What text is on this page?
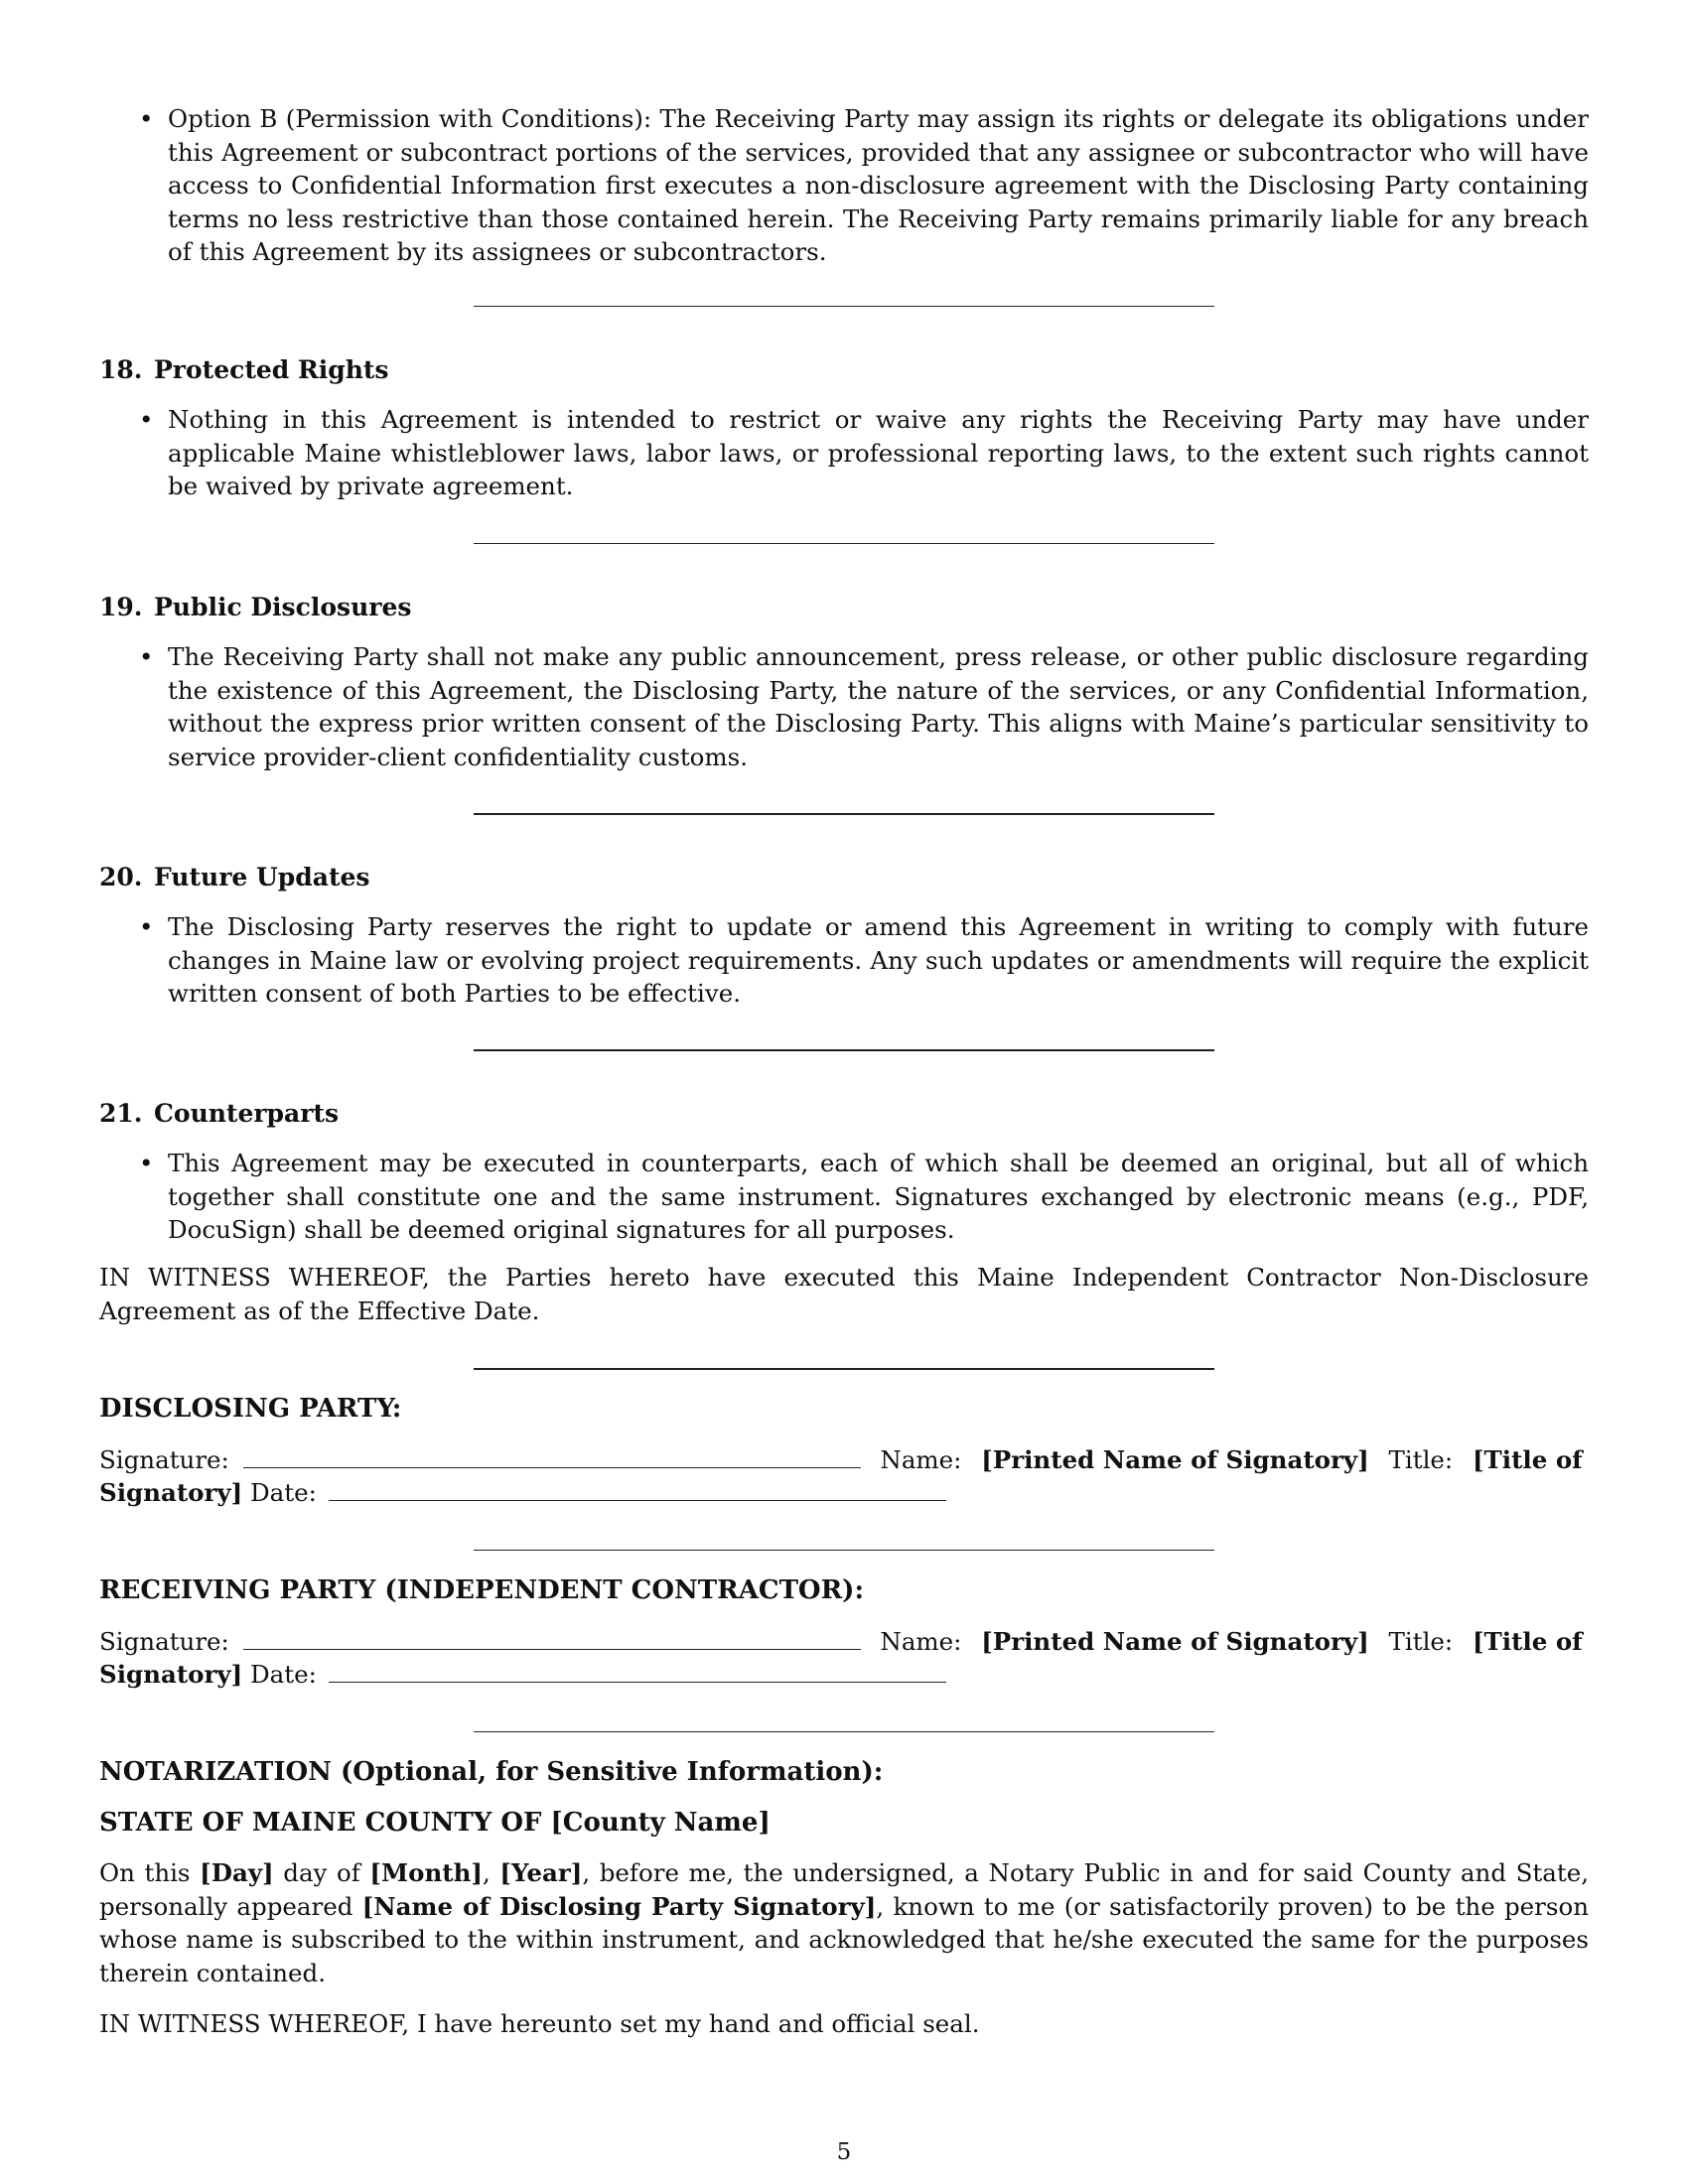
• Option B (Permission with Conditions): The Receiving Party may assign its rights or delegate its obligations under this Agreement or subcontract portions of the services, provided that any assignee or subcontractor who will have access to Confidential Information first executes a non-disclosure agreement with the Disclosing Party containing terms no less restrictive than those contained herein. The Receiving Party remains primarily liable for any breach of this Agreement by its assignees or subcontractors.
18. Protected Rights
• Nothing in this Agreement is intended to restrict or waive any rights the Receiving Party may have under applicable Maine whistleblower laws, labor laws, or professional reporting laws, to the extent such rights cannot be waived by private agreement.
19. Public Disclosures
• The Receiving Party shall not make any public announcement, press release, or other public disclosure regarding the existence of this Agreement, the Disclosing Party, the nature of the services, or any Confidential Information, without the express prior written consent of the Disclosing Party. This aligns with Maine’s particular sensitivity to service provider-client confidentiality customs.
20. Future Updates
• The Disclosing Party reserves the right to update or amend this Agreement in writing to comply with future changes in Maine law or evolving project requirements. Any such updates or amendments will require the explicit written consent of both Parties to be effective.
21. Counterparts
• This Agreement may be executed in counterparts, each of which shall be deemed an original, but all of which together shall constitute one and the same instrument. Signatures exchanged by electronic means (e.g., PDF, DocuSign) shall be deemed original signatures for all purposes.

IN WITNESS WHEREOF, the Parties hereto have executed this Maine Independent Contractor Non-Disclosure Agreement as of the Effective Date.

DISCLOSING PARTY:
Signature:	Name: [Printed Name of Signatory] Title: [Title of
Signatory] Date:
RECEIVING PARTY (INDEPENDENT CONTRACTOR):
Signature:	Name: [Printed Name of Signatory] Title: [Title of
Signatory] Date:
NOTARIZATION (Optional, for Sensitive Information):
STATE OF MAINE COUNTY OF [County Name]

On this [Day] day of [Month], [Year], before me, the undersigned, a Notary Public in and for said County and State, personally appeared [Name of Disclosing Party Signatory], known to me (or satisfactorily proven) to be the person whose name is subscribed to the within instrument, and acknowledged that he/she executed the same for the purposes therein contained.

IN WITNESS WHEREOF, I have hereunto set my hand and official seal.

5
